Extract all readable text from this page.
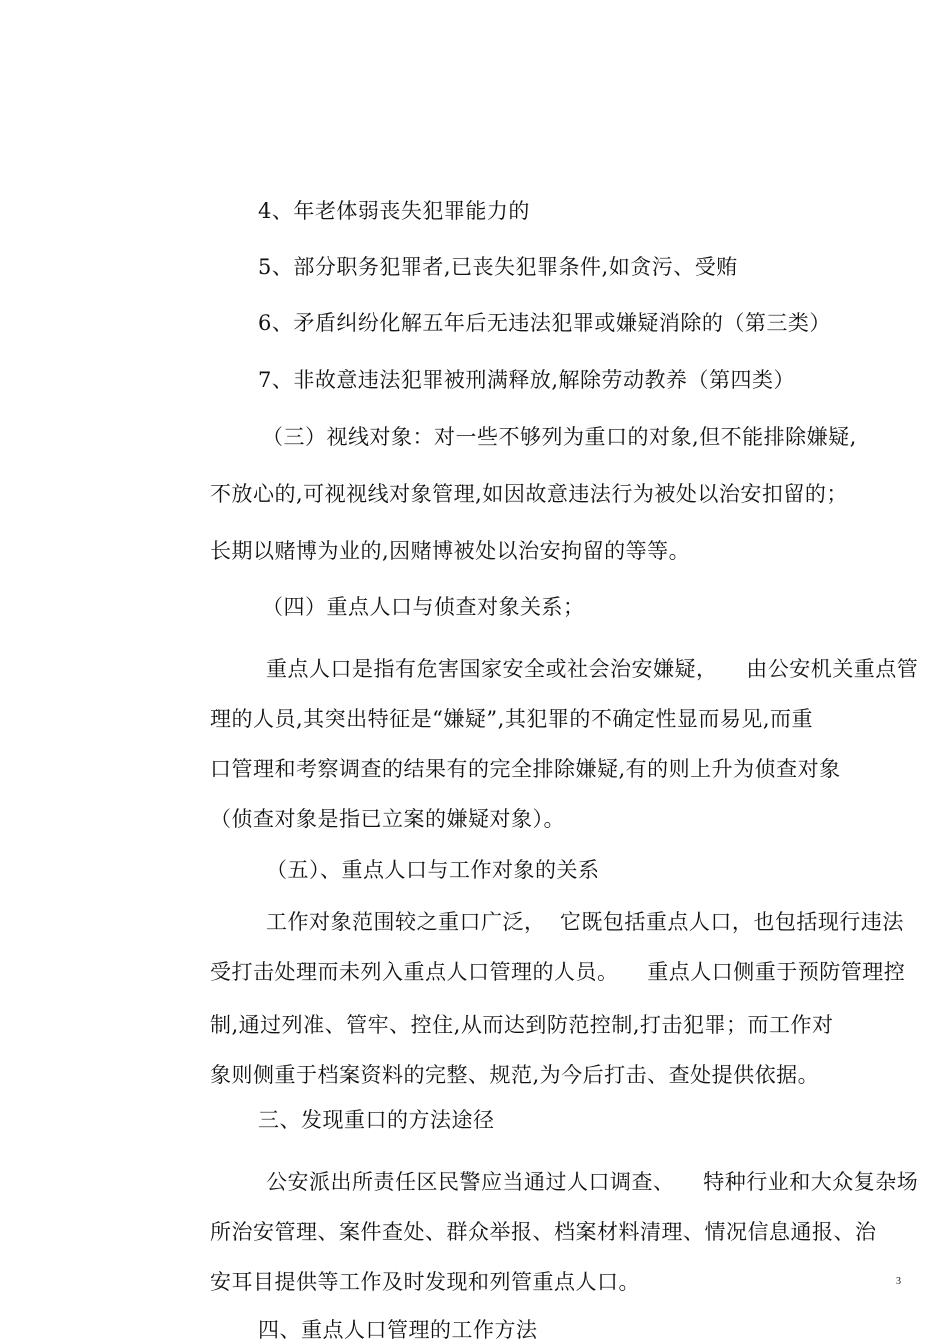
4、年老体弱丧失犯罪能力的
5、部分职务犯罪者,已丧失犯罪条件,如贪污、受贿
6、矛盾纠纷化解五年后无违法犯罪或嫌疑消除的（第三类）
7、非故意违法犯罪被刑满释放,解除劳动教养（第四类）
（三）视线对象：对一些不够列为重口的对象,但不能排除嫌疑,
不放心的,可视视线对象管理,如因故意违法行为被处以治安扣留的；
长期以赌博为业的,因赌博被处以治安拘留的等等。
（四）重点人口与侦查对象关系；
重点人口是指有危害国家安全或社会治安嫌疑，    由公安机关重点管
理的人员,其突出特征是“嫌疑”,其犯罪的不确定性显而易见,而重
口管理和考察调查的结果有的完全排除嫌疑,有的则上升为侦查对象
（侦查对象是指已立案的嫌疑对象）。
（五）、重点人口与工作对象的关系
工作对象范围较之重口广泛，  它既包括重点人口，也包括现行违法
受打击处理而未列入重点人口管理的人员。    重点人口侧重于预防管理控
制,通过列准、管牢、控住,从而达到防范控制,打击犯罪；而工作对
象则侧重于档案资料的完整、规范,为今后打击、查处提供依据。
三、发现重口的方法途径
公安派出所责任区民警应当通过人口调查、    特种行业和大众复杂场
所治安管理、案件查处、群众举报、档案材料清理、情况信息通报、治
安耳目提供等工作及时发现和列管重点人口。	3
四、重点人口管理的工作方法
